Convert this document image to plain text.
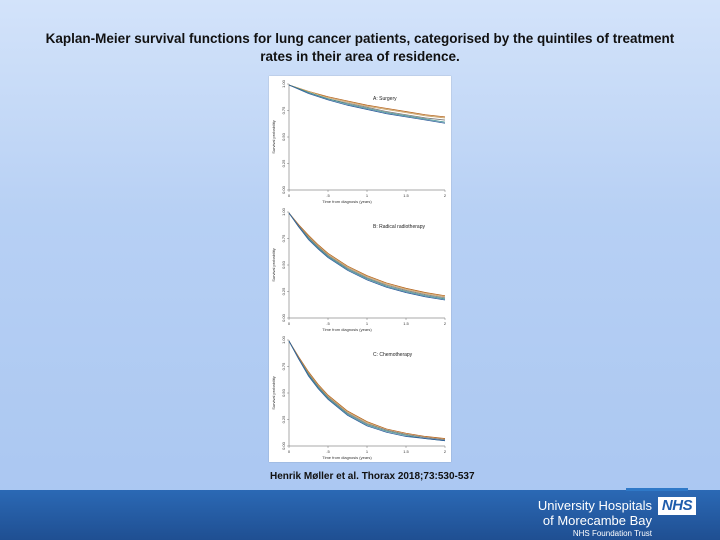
Kaplan-Meier survival functions for lung cancer patients, categorised by the quintiles of treatment rates in their area of residence.
0.00
0.25
0.50
0.75
1.00
0	.5	1	1.5	2
Survival probability
Time from diagnosis (years)
A: Surgery
0.00
0.25
0.50
0.75
1.00
0	.5	1	1.5	2
Survival probability
Time from diagnosis (years)
B: Radical radiotherapy
0.00
0.25
0.50
0.75
1.00
0	.5	1	1.5	2
Survival probability
Time from diagnosis (years)
C: Chemotherapy
Henrik Møller et al. Thorax 2018;73:530-537
University Hospitals
of Morecambe Bay
NHS Foundation Trust
NHS
